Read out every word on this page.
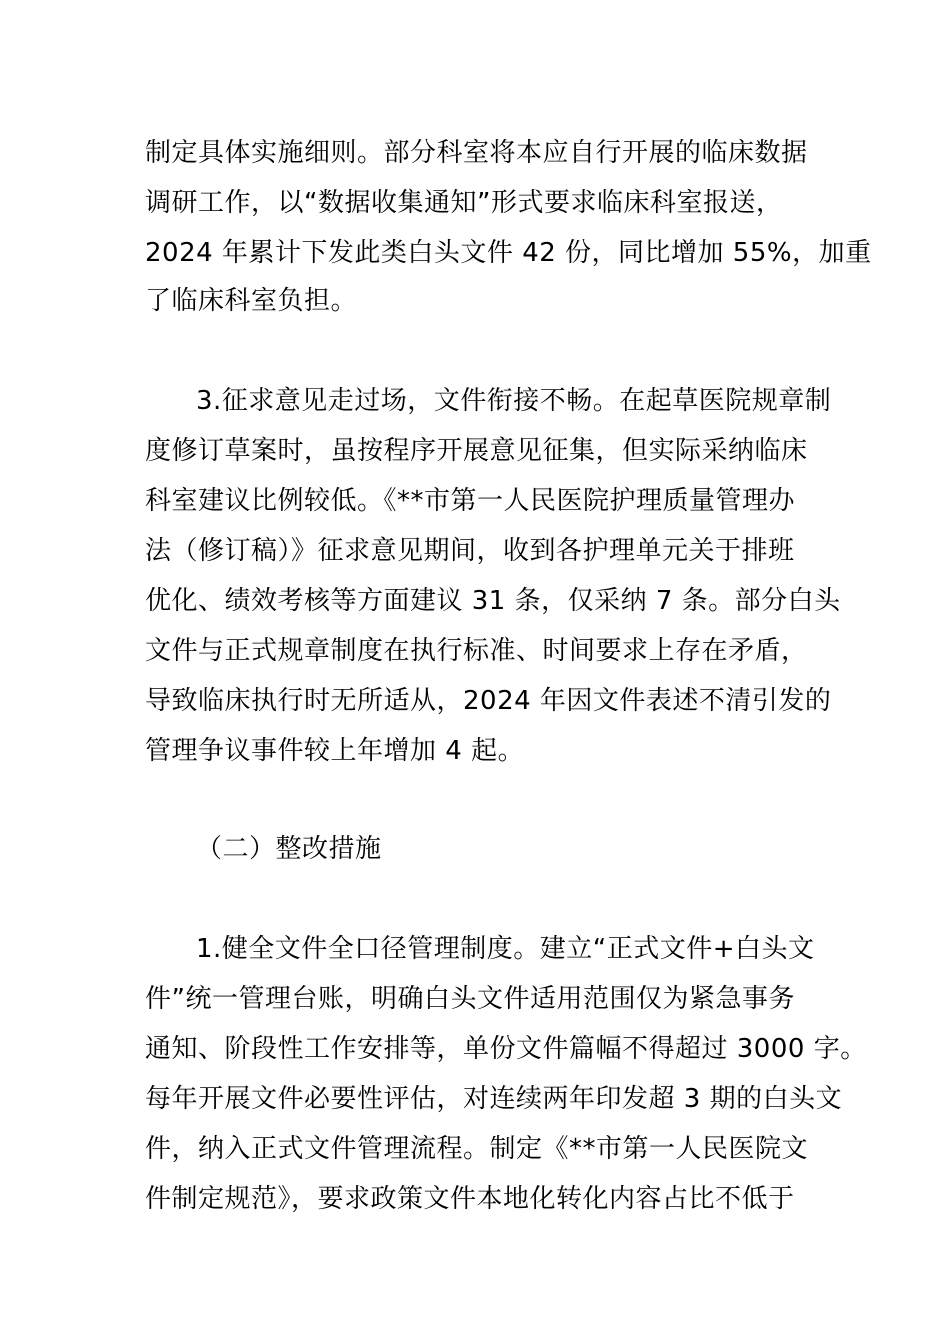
制定具体实施细则。部分科室将本应自行开展的临床数据
调研工作，以“数据收集通知”形式要求临床科室报送，
2024 年累计下发此类白头文件 42 份，同比增加 55%，加重
了临床科室负担。
3.征求意见走过场，文件衔接不畅。在起草医院规章制
度修订草案时，虽按程序开展意见征集，但实际采纳临床
科室建议比例较低。《**市第一人民医院护理质量管理办
法（修订稿）》征求意见期间，收到各护理单元关于排班
优化、绩效考核等方面建议 31 条，仅采纳 7 条。部分白头
文件与正式规章制度在执行标准、时间要求上存在矛盾，
导致临床执行时无所适从，2024 年因文件表述不清引发的
管理争议事件较上年增加 4 起。
（二）整改措施
1.健全文件全口径管理制度。建立“正式文件+白头文
件”统一管理台账，明确白头文件适用范围仅为紧急事务
通知、阶段性工作安排等，单份文件篇幅不得超过 3000 字。
每年开展文件必要性评估，对连续两年印发超 3 期的白头文
件，纳入正式文件管理流程。制定《**市第一人民医院文
件制定规范》，要求政策文件本地化转化内容占比不低于
